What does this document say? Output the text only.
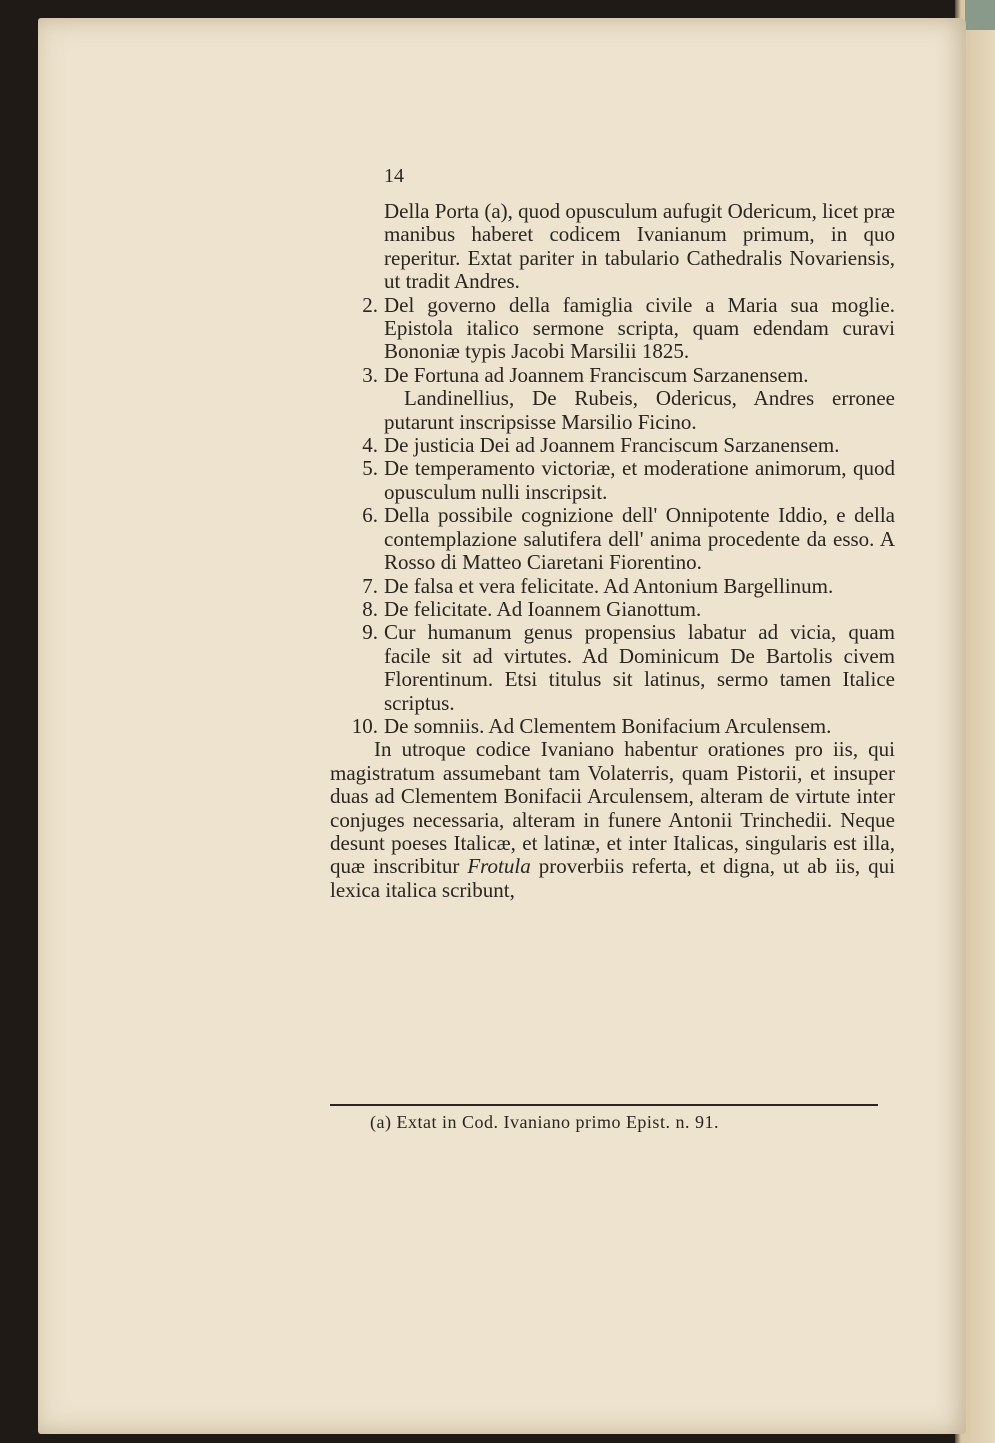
14
Della Porta (a), quod opusculum aufugit Odericum, licet præ manibus haberet codicem Ivanianum primum, in quo reperitur. Extat pariter in tabulario Cathedralis Novariensis, ut tradit Andres.
2. Del governo della famiglia civile a Maria sua moglie. Epistola italico sermone scripta, quam edendam curavi Bononiæ typis Jacobi Marsilii 1825.
3. De Fortuna ad Joannem Franciscum Sarzanensem.
Landinellius, De Rubeis, Odericus, Andres erronee putarunt inscripsisse Marsilio Ficino.
4. De justicia Dei ad Joannem Franciscum Sarzanensem.
5. De temperamento victoriæ, et moderatione animorum, quod opusculum nulli inscripsit.
6. Della possibile cognizione dell' Onnipotente Iddio, e della contemplazione salutifera dell' anima procedente da esso. A Rosso di Matteo Ciaretani Fiorentino.
7. De falsa et vera felicitate. Ad Antonium Bargellinum.
8. De felicitate. Ad Ioannem Gianottum.
9. Cur humanum genus propensius labatur ad vicia, quam facile sit ad virtutes. Ad Dominicum De Bartolis civem Florentinum. Etsi titulus sit latinus, sermo tamen Italice scriptus.
10. De somniis. Ad Clementem Bonifacium Arculensem.

In utroque codice Ivaniano habentur orationes pro iis, qui magistratum assumebant tam Volaterris, quam Pistorii, et insuper duas ad Clementem Bonifacii Arculensem, alteram de virtute inter conjuges necessaria, alteram in funere Antonii Trinchedii. Neque desunt poeses Italicæ, et latinæ, et inter Italicas, singularis est illa, quæ inscribitur Frotula proverbiis referta, et digna, ut ab iis, qui lexica italica scribunt,

(a) Extat in Cod. Ivaniano primo Epist. n. 91.
